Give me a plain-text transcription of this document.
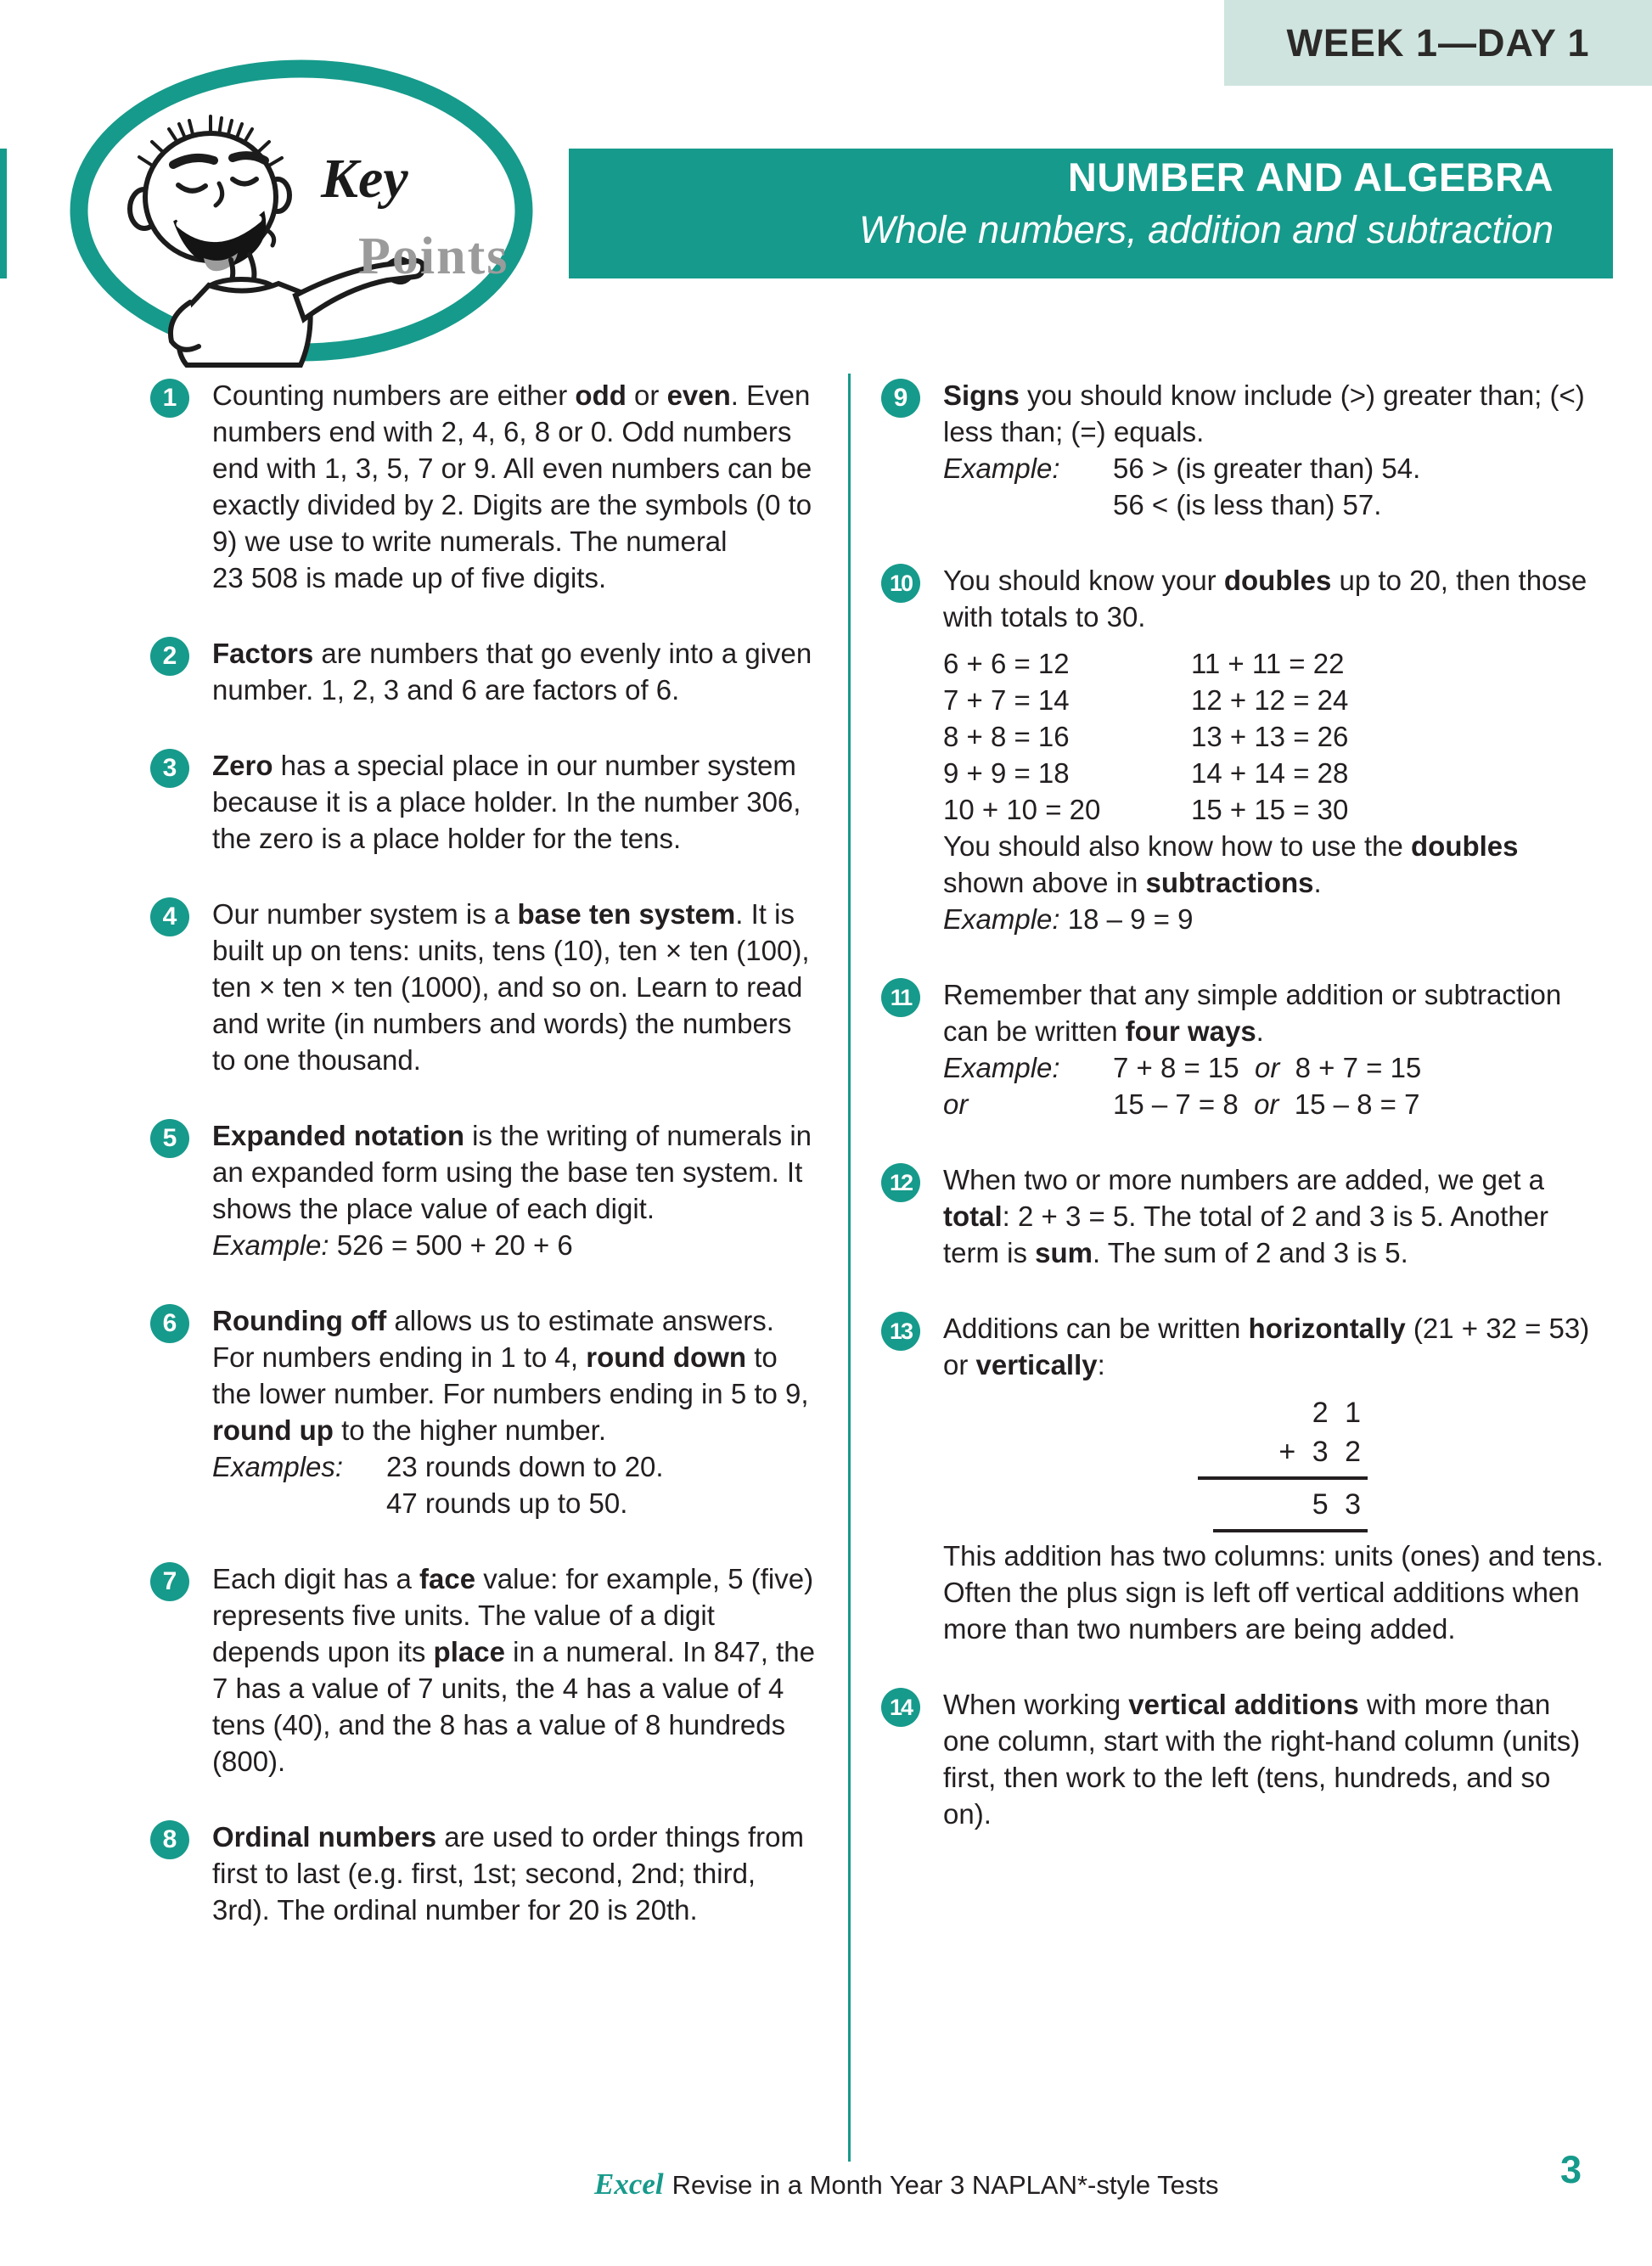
WEEK 1—DAY 1
NUMBER AND ALGEBRA
Whole numbers, addition and subtraction
Key
Points
1	Counting numbers are either odd or even. Even numbers end with 2, 4, 6, 8 or 0. Odd numbers end with 1, 3, 5, 7 or 9. All even numbers can be exactly divided by 2. Digits are the symbols (0 to 9) we use to write numerals. The numeral 23 508 is made up of five digits.

2	Factors are numbers that go evenly into a given number. 1, 2, 3 and 6 are factors of 6.

3	Zero has a special place in our number system because it is a place holder. In the number 306, the zero is a place holder for the tens.

4	Our number system is a base ten system. It is built up on tens: units, tens (10), ten × ten (100), ten × ten × ten (1000), and so on. Learn to read and write (in numbers and words) the numbers to one thousand.

5	Expanded notation is the writing of numerals in an expanded form using the base ten system. It shows the place value of each digit.

Example: 526 = 500 + 20 + 6

6	Rounding off allows us to estimate answers. For numbers ending in 1 to 4, round down to the lower number. For numbers ending in 5 to 9, round up to the higher number.

Examples:	23 rounds down to 20.
47 rounds up to 50.
7	Each digit has a face value: for example, 5 (five) represents five units. The value of a digit depends upon its place in a numeral. In 847, the 7 has a value of 7 units, the 4 has a value of 4 tens (40), and the 8 has a value of 8 hundreds (800).

8	Ordinal numbers are used to order things from first to last (e.g. first, 1st; second, 2nd; third, 3rd). The ordinal number for 20 is 20th.

9	Signs you should know include (>) greater than; (<) less than; (=) equals.

Example:	56 > (is greater than) 54.
56 < (is less than) 57.
10	You should know your doubles up to 20, then those with totals to 30.

6 + 6 = 12	11 + 11 = 22
7 + 7 = 14	12 + 12 = 24
8 + 8 = 16	13 + 13 = 26
9 + 9 = 18	14 + 14 = 28
10 + 10 = 20	15 + 15 = 30

You should also know how to use the doubles shown above in subtractions.

Example: 18 – 9 = 9

11	Remember that any simple addition or subtraction can be written four ways.

Example:	7 + 8 = 15  or  8 + 7 = 15
or	15 – 7 = 8  or  15 – 8 = 7
12	When two or more numbers are added, we get a total: 2 + 3 = 5. The total of 2 and 3 is 5. Another term is sum. The sum of 2 and 3 is 5.

13	Additions can be written horizontally (21 + 32 = 53) or vertically:

2 1
+ 3 2
5 3

This addition has two columns: units (ones) and tens. Often the plus sign is left off vertical additions when more than two numbers are being added.

14	When working vertical additions with more than one column, start with the right-hand column (units) first, then work to the left (tens, hundreds, and so on).

Excel Revise in a Month Year 3 NAPLAN*-style Tests	3
